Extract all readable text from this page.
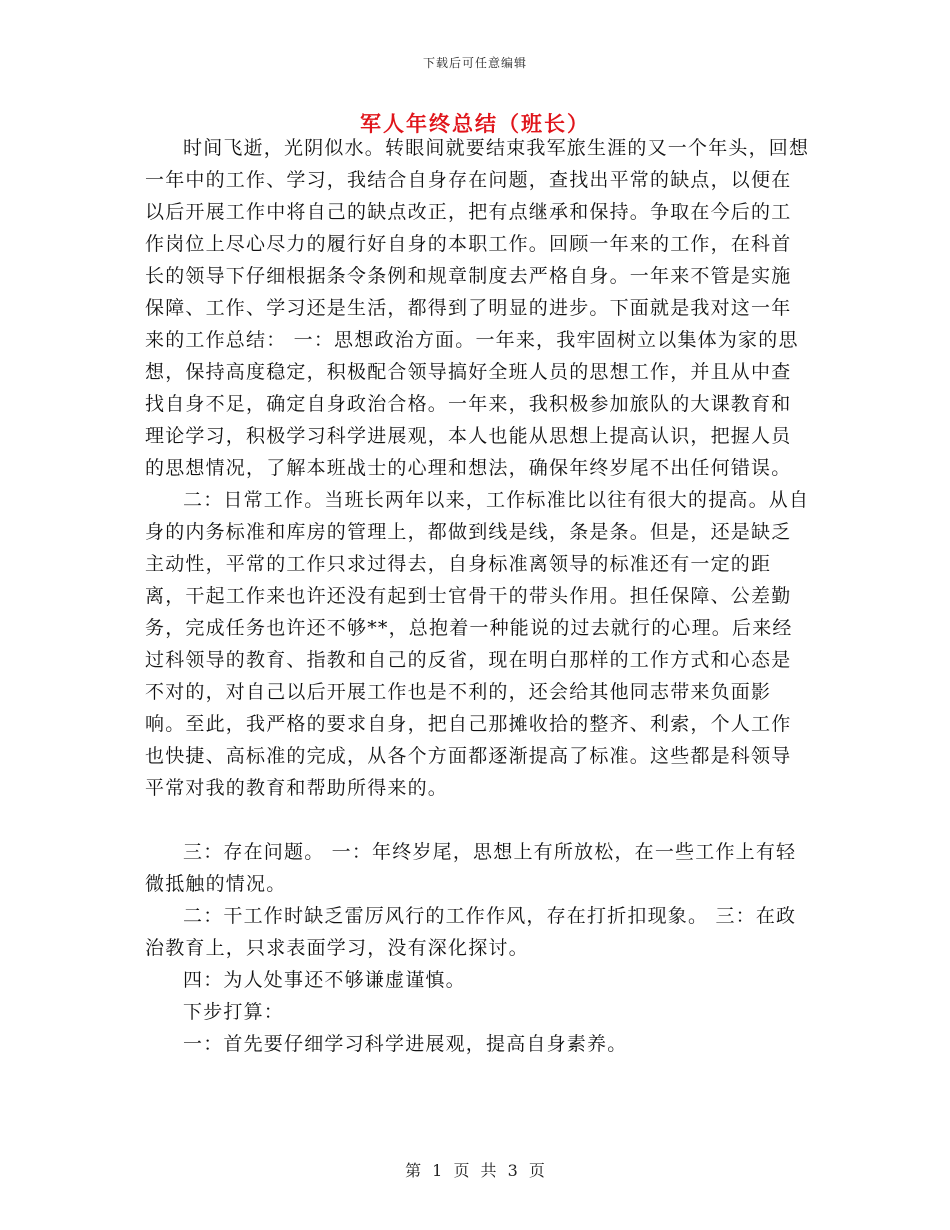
下载后可任意编辑
军人年终总结（班长）

时间飞逝，光阴似水。转眼间就要结束我军旅生涯的又一个年头，回想一年中的工作、学习，我结合自身存在问题，查找出平常的缺点，以便在以后开展工作中将自己的缺点改正，把有点继承和保持。争取在今后的工作岗位上尽心尽力的履行好自身的本职工作。回顾一年来的工作，在科首长的领导下仔细根据条令条例和规章制度去严格自身。一年来不管是实施保障、工作、学习还是生活，都得到了明显的进步。下面就是我对这一年来的工作总结： 一：思想政治方面。一年来，我牢固树立以集体为家的思想，保持高度稳定，积极配合领导搞好全班人员的思想工作，并且从中查找自身不足，确定自身政治合格。一年来，我积极参加旅队的大课教育和理论学习，积极学习科学进展观，本人也能从思想上提高认识，把握人员的思想情况，了解本班战士的心理和想法，确保年终岁尾不出任何错误。

二：日常工作。当班长两年以来，工作标准比以往有很大的提高。从自身的内务标准和库房的管理上，都做到线是线，条是条。但是，还是缺乏主动性，平常的工作只求过得去，自身标准离领导的标准还有一定的距离，干起工作来也许还没有起到士官骨干的带头作用。担任保障、公差勤务，完成任务也许还不够**，总抱着一种能说的过去就行的心理。后来经过科领导的教育、指教和自己的反省，现在明白那样的工作方式和心态是不对的，对自己以后开展工作也是不利的，还会给其他同志带来负面影响。至此，我严格的要求自身，把自己那摊收拾的整齐、利索，个人工作也快捷、高标准的完成，从各个方面都逐渐提高了标准。这些都是科领导平常对我的教育和帮助所得来的。

三：存在问题。 一：年终岁尾，思想上有所放松，在一些工作上有轻微抵触的情况。

二：干工作时缺乏雷厉风行的工作作风，存在打折扣现象。 三：在政治教育上，只求表面学习，没有深化探讨。

四：为人处事还不够谦虚谨慎。

下步打算：

一：首先要仔细学习科学进展观，提高自身素养。

第 1 页 共 3 页
